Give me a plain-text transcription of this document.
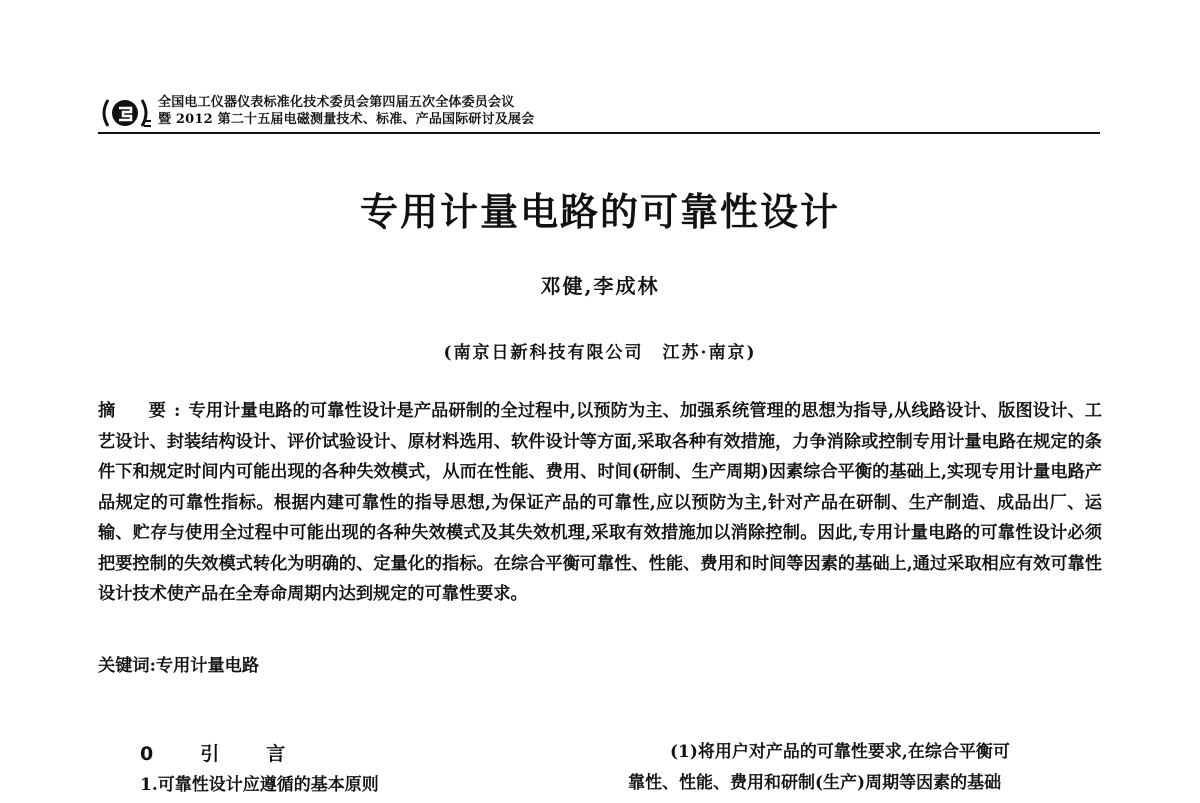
全国电工仪器仪表标准化技术委员会第四届五次全体委员会议
暨 2012 第二十五届电磁测量技术、标准、产品国际研讨及展会
专用计量电路的可靠性设计
邓健,李成林
(南京日新科技有限公司　江苏·南京)
摘　要:专用计量电路的可靠性设计是产品研制的全过程中,以预防为主、加强系统管理的思想为指导,从线路设计、版图设计、工艺设计、封装结构设计、评价试验设计、原材料选用、软件设计等方面,采取各种有效措施，力争消除或控制专用计量电路在规定的条件下和规定时间内可能出现的各种失效模式，从而在性能、费用、时间(研制、生产周期)因素综合平衡的基础上,实现专用计量电路产品规定的可靠性指标。根据内建可靠性的指导思想,为保证产品的可靠性,应以预防为主,针对产品在研制、生产制造、成品出厂、运输、贮存与使用全过程中可能出现的各种失效模式及其失效机理,采取有效措施加以消除控制。因此,专用计量电路的可靠性设计必须把要控制的失效模式转化为明确的、定量化的指标。在综合平衡可靠性、性能、费用和时间等因素的基础上,通过采取相应有效可靠性设计技术使产品在全寿命周期内达到规定的可靠性要求。
关键词:专用计量电路
0　引　言
1.可靠性设计应遵循的基本原则
(1)将用户对产品的可靠性要求,在综合平衡可
靠性、性能、费用和研制(生产)周期等因素的基础
